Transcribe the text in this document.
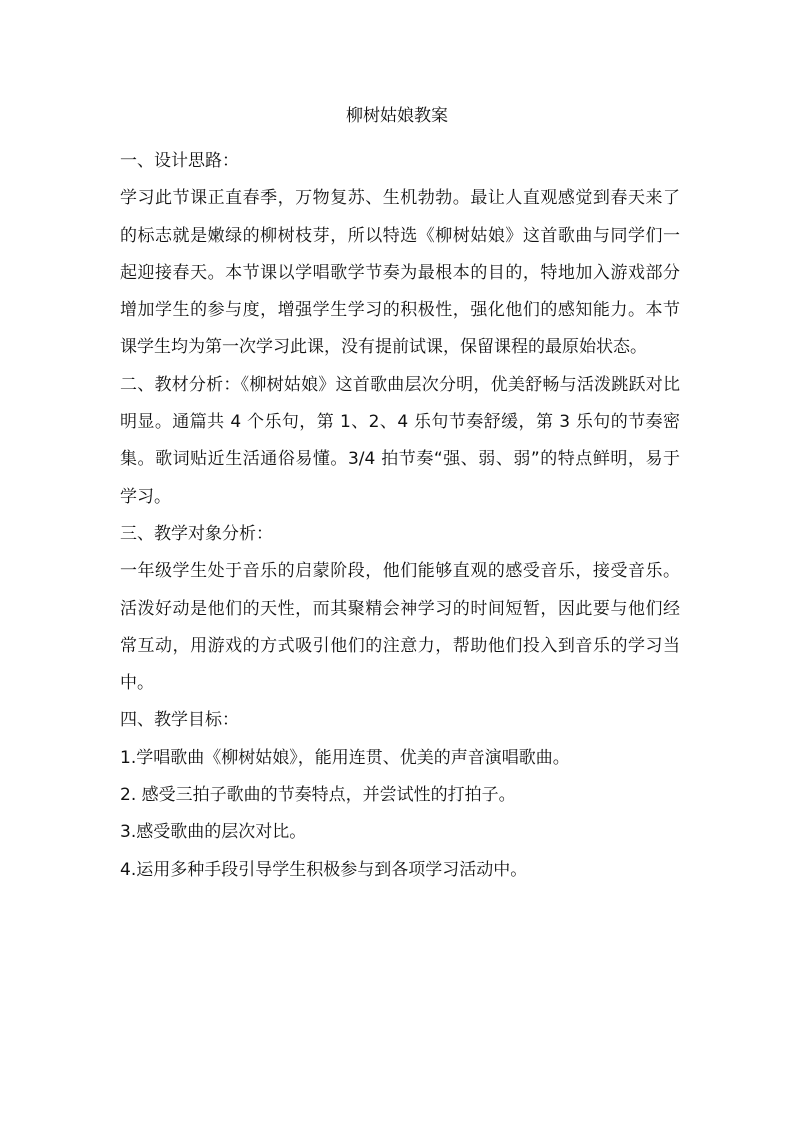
柳树姑娘教案

一、设计思路：

学习此节课正直春季，万物复苏、生机勃勃。最让人直观感觉到春天来了的标志就是嫩绿的柳树枝芽，所以特选《柳树姑娘》这首歌曲与同学们一起迎接春天。本节课以学唱歌学节奏为最根本的目的，特地加入游戏部分增加学生的参与度，增强学生学习的积极性，强化他们的感知能力。本节课学生均为第一次学习此课，没有提前试课，保留课程的最原始状态。

二、教材分析：《柳树姑娘》这首歌曲层次分明，优美舒畅与活泼跳跃对比明显。通篇共 4 个乐句，第 1、2、4 乐句节奏舒缓，第 3 乐句的节奏密集。歌词贴近生活通俗易懂。3/4 拍节奏“强、弱、弱”的特点鲜明，易于学习。

三、教学对象分析：

一年级学生处于音乐的启蒙阶段，他们能够直观的感受音乐，接受音乐。活泼好动是他们的天性，而其聚精会神学习的时间短暂，因此要与他们经常互动，用游戏的方式吸引他们的注意力，帮助他们投入到音乐的学习当中。

四、教学目标：

1.学唱歌曲《柳树姑娘》，能用连贯、优美的声音演唱歌曲。

2. 感受三拍子歌曲的节奏特点，并尝试性的打拍子。

3.感受歌曲的层次对比。

4.运用多种手段引导学生积极参与到各项学习活动中。
